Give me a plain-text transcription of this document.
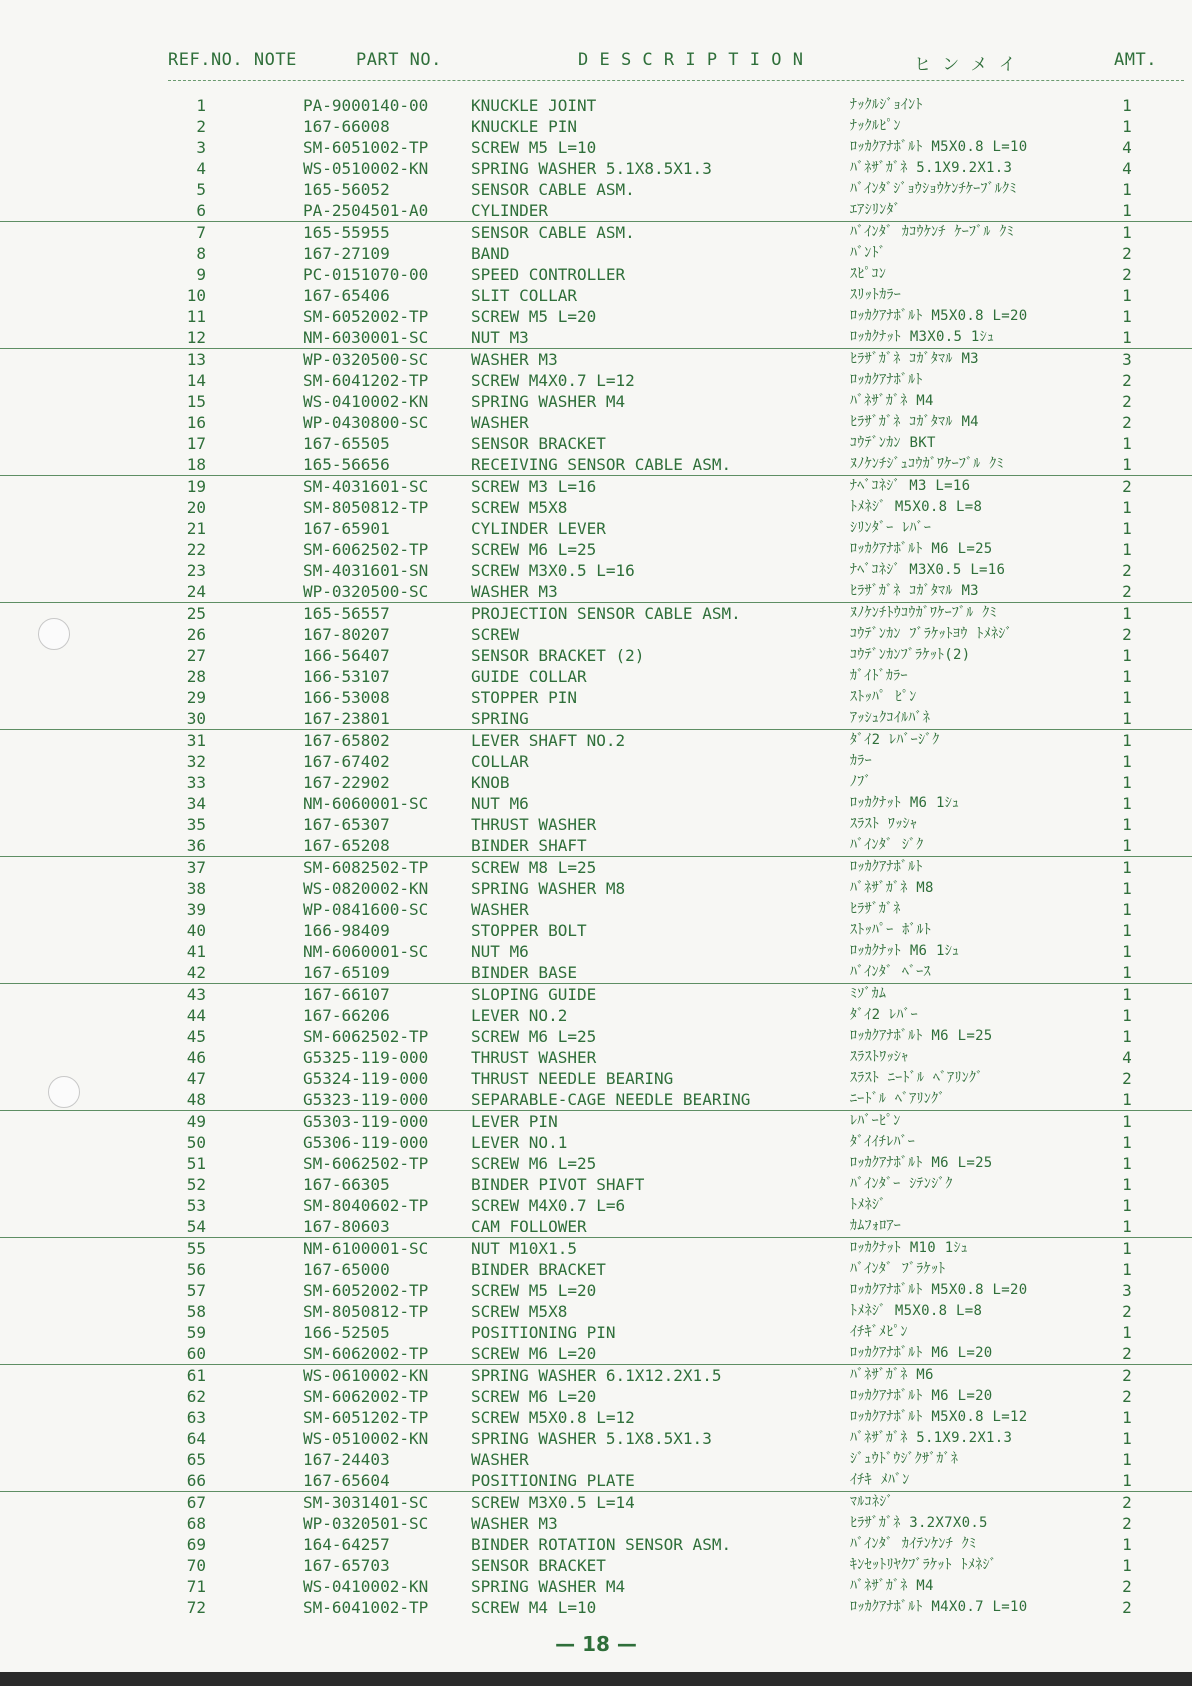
REF.NO. NOTE	PART NO.	D E S C R I P T I O N	ヒ ン メ イ	AMT.
1	PA-9000140-00	KNUCKLE JOINT	ﾅｯｸﾙｼﾞｮｲﾝﾄ	1
2	167-66008	KNUCKLE PIN	ﾅｯｸﾙﾋﾟﾝ	1
3	SM-6051002-TP	SCREW M5 L=10	ﾛｯｶｸｱﾅﾎﾞﾙﾄ M5X0.8 L=10	4
4	WS-0510002-KN	SPRING WASHER 5.1X8.5X1.3	ﾊﾞﾈｻﾞｶﾞﾈ 5.1X9.2X1.3	4
5	165-56052	SENSOR CABLE ASM.	ﾊﾞｲﾝﾀﾞｼﾞｮｳｼｮｳｹﾝﾁｹｰﾌﾞﾙｸﾐ	1
6	PA-2504501-A0	CYLINDER	ｴｱｼﾘﾝﾀﾞ	1
7	165-55955	SENSOR CABLE ASM.	ﾊﾞｲﾝﾀﾞ ｶｺｳｹﾝﾁ ｹｰﾌﾞﾙ ｸﾐ	1
8	167-27109	BAND	ﾊﾞﾝﾄﾞ	2
9	PC-0151070-00	SPEED CONTROLLER	ｽﾋﾟｺﾝ	2
10	167-65406	SLIT COLLAR	ｽﾘｯﾄｶﾗｰ	1
11	SM-6052002-TP	SCREW M5 L=20	ﾛｯｶｸｱﾅﾎﾞﾙﾄ M5X0.8 L=20	1
12	NM-6030001-SC	NUT M3	ﾛｯｶｸﾅｯﾄ M3X0.5 1ｼｭ	1
13	WP-0320500-SC	WASHER M3	ﾋﾗｻﾞｶﾞﾈ ｺｶﾞﾀﾏﾙ M3	3
14	SM-6041202-TP	SCREW M4X0.7 L=12	ﾛｯｶｸｱﾅﾎﾞﾙﾄ	2
15	WS-0410002-KN	SPRING WASHER M4	ﾊﾞﾈｻﾞｶﾞﾈ M4	2
16	WP-0430800-SC	WASHER	ﾋﾗｻﾞｶﾞﾈ ｺｶﾞﾀﾏﾙ M4	2
17	167-65505	SENSOR BRACKET	ｺｳﾃﾞﾝｶﾝ BKT	1
18	165-56656	RECEIVING SENSOR CABLE ASM.	ﾇﾉｹﾝﾁｼﾞｭｺｳｶﾞﾜｹｰﾌﾞﾙ ｸﾐ	1
19	SM-4031601-SC	SCREW M3 L=16	ﾅﾍﾞｺﾈｼﾞ M3 L=16	2
20	SM-8050812-TP	SCREW M5X8	ﾄﾒﾈｼﾞ M5X0.8 L=8	1
21	167-65901	CYLINDER LEVER	ｼﾘﾝﾀﾞｰ ﾚﾊﾞｰ	1
22	SM-6062502-TP	SCREW M6 L=25	ﾛｯｶｸｱﾅﾎﾞﾙﾄ M6 L=25	1
23	SM-4031601-SN	SCREW M3X0.5 L=16	ﾅﾍﾞｺﾈｼﾞ M3X0.5 L=16	2
24	WP-0320500-SC	WASHER M3	ﾋﾗｻﾞｶﾞﾈ ｺｶﾞﾀﾏﾙ M3	2
25	165-56557	PROJECTION SENSOR CABLE ASM.	ﾇﾉｹﾝﾁﾄｳｺｳｶﾞﾜｹｰﾌﾞﾙ ｸﾐ	1
26	167-80207	SCREW	ｺｳﾃﾞﾝｶﾝ ﾌﾞﾗｹｯﾄﾖｳ ﾄﾒﾈｼﾞ	2
27	166-56407	SENSOR BRACKET (2)	ｺｳﾃﾞﾝｶﾝﾌﾞﾗｹｯﾄ(2)	1
28	166-53107	GUIDE COLLAR	ｶﾞｲﾄﾞｶﾗｰ	1
29	166-53008	STOPPER PIN	ｽﾄｯﾊﾟ ﾋﾟﾝ	1
30	167-23801	SPRING	ｱｯｼｭｸｺｲﾙﾊﾞﾈ	1
31	167-65802	LEVER SHAFT NO.2	ﾀﾞｲ2 ﾚﾊﾞｰｼﾞｸ	1
32	167-67402	COLLAR	ｶﾗｰ	1
33	167-22902	KNOB	ﾉﾌﾞ	1
34	NM-6060001-SC	NUT M6	ﾛｯｶｸﾅｯﾄ M6 1ｼｭ	1
35	167-65307	THRUST WASHER	ｽﾗｽﾄ ﾜｯｼｬ	1
36	167-65208	BINDER SHAFT	ﾊﾞｲﾝﾀﾞ ｼﾞｸ	1
37	SM-6082502-TP	SCREW M8 L=25	ﾛｯｶｸｱﾅﾎﾞﾙﾄ	1
38	WS-0820002-KN	SPRING WASHER M8	ﾊﾞﾈｻﾞｶﾞﾈ M8	1
39	WP-0841600-SC	WASHER	ﾋﾗｻﾞｶﾞﾈ	1
40	166-98409	STOPPER BOLT	ｽﾄｯﾊﾟｰ ﾎﾞﾙﾄ	1
41	NM-6060001-SC	NUT M6	ﾛｯｶｸﾅｯﾄ M6 1ｼｭ	1
42	167-65109	BINDER BASE	ﾊﾞｲﾝﾀﾞ ﾍﾞｰｽ	1
43	167-66107	SLOPING GUIDE	ﾐｿﾞｶﾑ	1
44	167-66206	LEVER NO.2	ﾀﾞｲ2 ﾚﾊﾞｰ	1
45	SM-6062502-TP	SCREW M6 L=25	ﾛｯｶｸｱﾅﾎﾞﾙﾄ M6 L=25	1
46	G5325-119-000	THRUST WASHER	ｽﾗｽﾄﾜｯｼｬ	4
47	G5324-119-000	THRUST NEEDLE BEARING	ｽﾗｽﾄ ﾆｰﾄﾞﾙ ﾍﾞｱﾘﾝｸﾞ	2
48	G5323-119-000	SEPARABLE-CAGE NEEDLE BEARING	ﾆｰﾄﾞﾙ ﾍﾞｱﾘﾝｸﾞ	1
49	G5303-119-000	LEVER PIN	ﾚﾊﾞｰﾋﾟﾝ	1
50	G5306-119-000	LEVER NO.1	ﾀﾞｲｲﾁﾚﾊﾞｰ	1
51	SM-6062502-TP	SCREW M6 L=25	ﾛｯｶｸｱﾅﾎﾞﾙﾄ M6 L=25	1
52	167-66305	BINDER PIVOT SHAFT	ﾊﾞｲﾝﾀﾞｰ ｼﾃﾝｼﾞｸ	1
53	SM-8040602-TP	SCREW M4X0.7 L=6	ﾄﾒﾈｼﾞ	1
54	167-80603	CAM FOLLOWER	ｶﾑﾌｫﾛｱｰ	1
55	NM-6100001-SC	NUT M10X1.5	ﾛｯｶｸﾅｯﾄ M10 1ｼｭ	1
56	167-65000	BINDER BRACKET	ﾊﾞｲﾝﾀﾞ ﾌﾞﾗｹｯﾄ	1
57	SM-6052002-TP	SCREW M5 L=20	ﾛｯｶｸｱﾅﾎﾞﾙﾄ M5X0.8 L=20	3
58	SM-8050812-TP	SCREW M5X8	ﾄﾒﾈｼﾞ M5X0.8 L=8	2
59	166-52505	POSITIONING PIN	ｲﾁｷﾞﾒﾋﾟﾝ	1
60	SM-6062002-TP	SCREW M6 L=20	ﾛｯｶｸｱﾅﾎﾞﾙﾄ M6 L=20	2
61	WS-0610002-KN	SPRING WASHER 6.1X12.2X1.5	ﾊﾞﾈｻﾞｶﾞﾈ M6	2
62	SM-6062002-TP	SCREW M6 L=20	ﾛｯｶｸｱﾅﾎﾞﾙﾄ M6 L=20	2
63	SM-6051202-TP	SCREW M5X0.8 L=12	ﾛｯｶｸｱﾅﾎﾞﾙﾄ M5X0.8 L=12	1
64	WS-0510002-KN	SPRING WASHER 5.1X8.5X1.3	ﾊﾞﾈｻﾞｶﾞﾈ 5.1X9.2X1.3	1
65	167-24403	WASHER	ｼﾞｭｳﾄﾞｳｼﾞｸｻﾞｶﾞﾈ	1
66	167-65604	POSITIONING PLATE	ｲﾁｷ ﾒﾊﾞﾝ	1
67	SM-3031401-SC	SCREW M3X0.5 L=14	ﾏﾙｺﾈｼﾞ	2
68	WP-0320501-SC	WASHER M3	ﾋﾗｻﾞｶﾞﾈ 3.2X7X0.5	2
69	164-64257	BINDER ROTATION SENSOR ASM.	ﾊﾞｲﾝﾀﾞ ｶｲﾃﾝｹﾝﾁ ｸﾐ	1
70	167-65703	SENSOR BRACKET	ｷﾝｾｯﾄﾘﾔｸﾌﾞﾗｹｯﾄ ﾄﾒﾈｼﾞ	1
71	WS-0410002-KN	SPRING WASHER M4	ﾊﾞﾈｻﾞｶﾞﾈ M4	2
72	SM-6041002-TP	SCREW M4 L=10	ﾛｯｶｸｱﾅﾎﾞﾙﾄ M4X0.7 L=10	2
— 18 —
